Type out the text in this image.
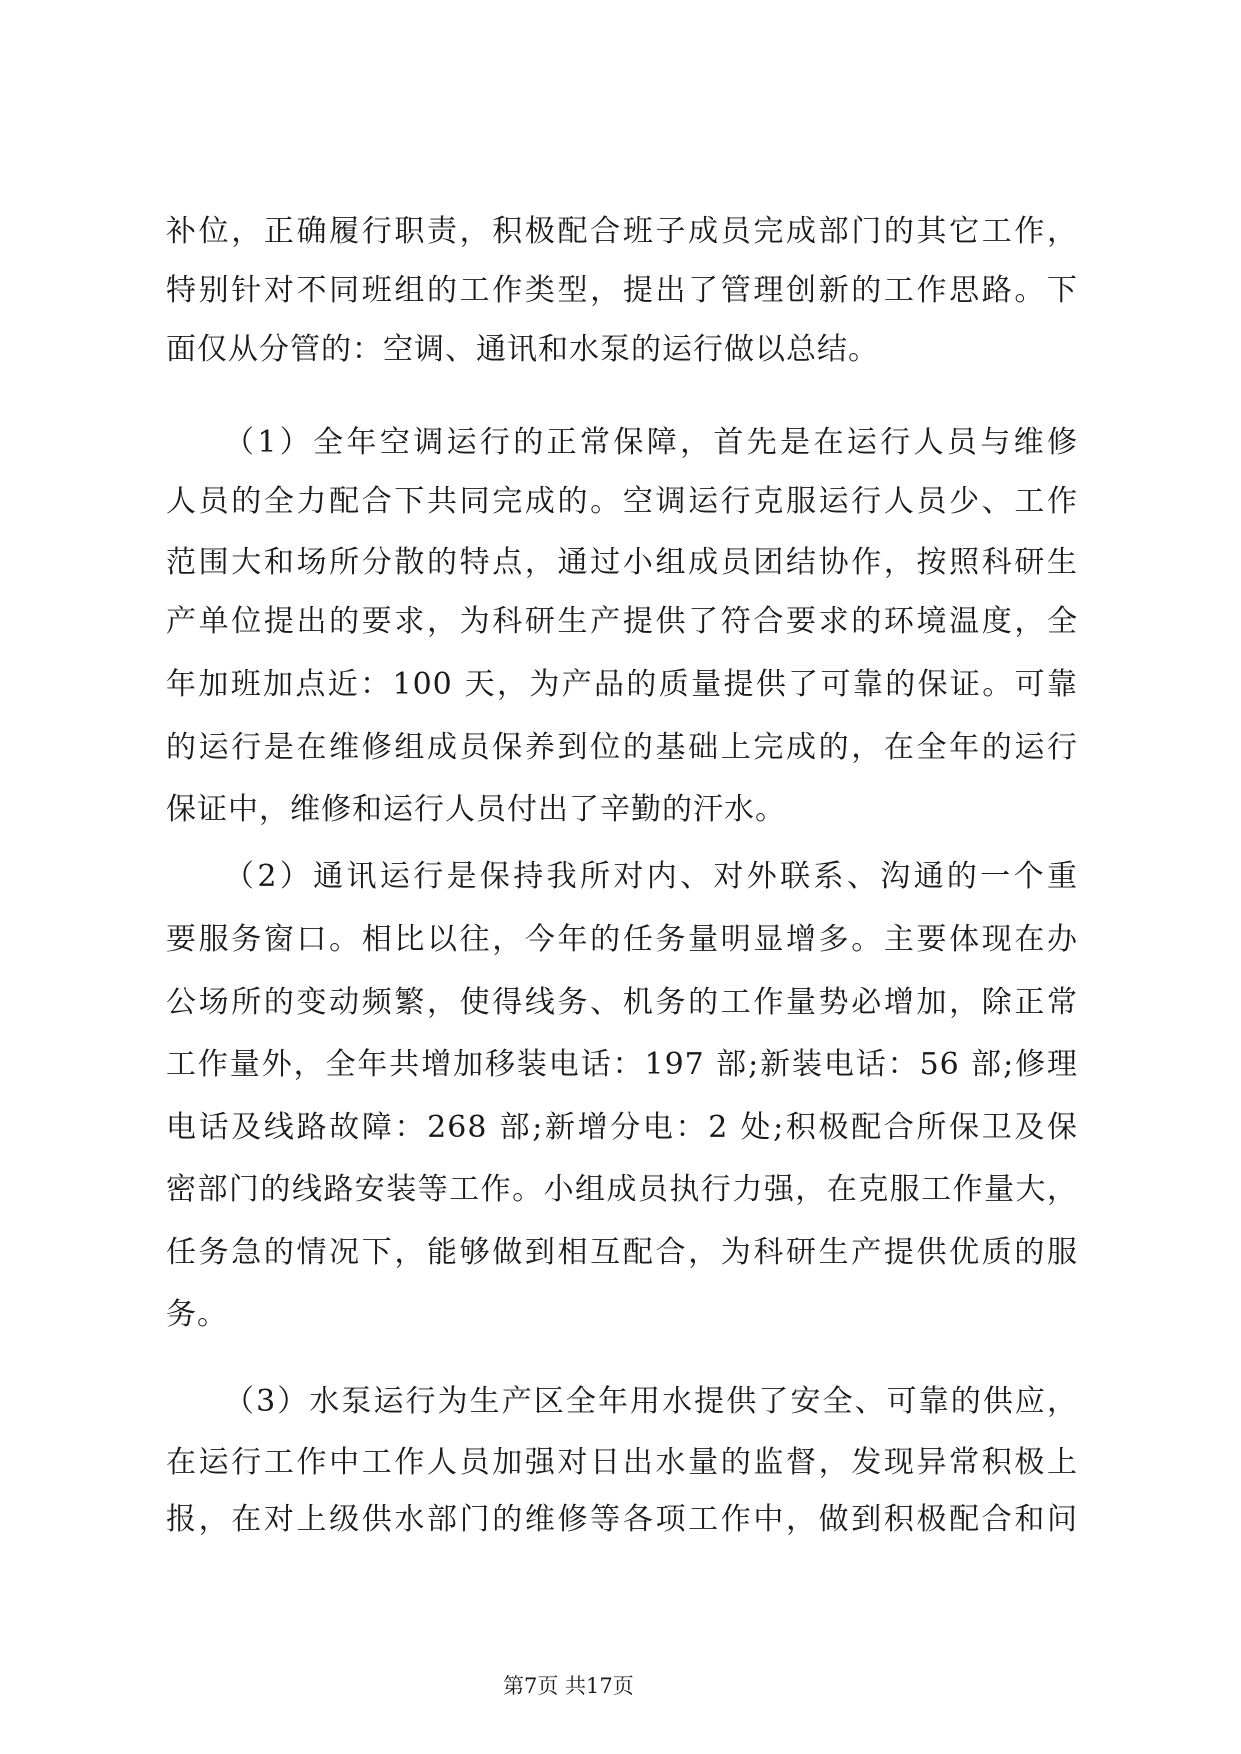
补位，正确履行职责，积极配合班子成员完成部门的其它工作，
特别针对不同班组的工作类型，提出了管理创新的工作思路。下
面仅从分管的：空调、通讯和水泵的运行做以总结。
（1）全年空调运行的正常保障，首先是在运行人员与维修
人员的全力配合下共同完成的。空调运行克服运行人员少、工作
范围大和场所分散的特点，通过小组成员团结协作，按照科研生
产单位提出的要求，为科研生产提供了符合要求的环境温度，全
年加班加点近：100 天，为产品的质量提供了可靠的保证。可靠
的运行是在维修组成员保养到位的基础上完成的，在全年的运行
保证中，维修和运行人员付出了辛勤的汗水。
（2）通讯运行是保持我所对内、对外联系、沟通的一个重
要服务窗口。相比以往，今年的任务量明显增多。主要体现在办
公场所的变动频繁，使得线务、机务的工作量势必增加，除正常
工作量外，全年共增加移装电话：197 部;新装电话：56 部;修理
电话及线路故障：268 部;新增分电：2 处;积极配合所保卫及保
密部门的线路安装等工作。小组成员执行力强，在克服工作量大，
任务急的情况下，能够做到相互配合，为科研生产提供优质的服
务。
（3）水泵运行为生产区全年用水提供了安全、可靠的供应，
在运行工作中工作人员加强对日出水量的监督，发现异常积极上
报，在对上级供水部门的维修等各项工作中，做到积极配合和问
第7页 共17页
